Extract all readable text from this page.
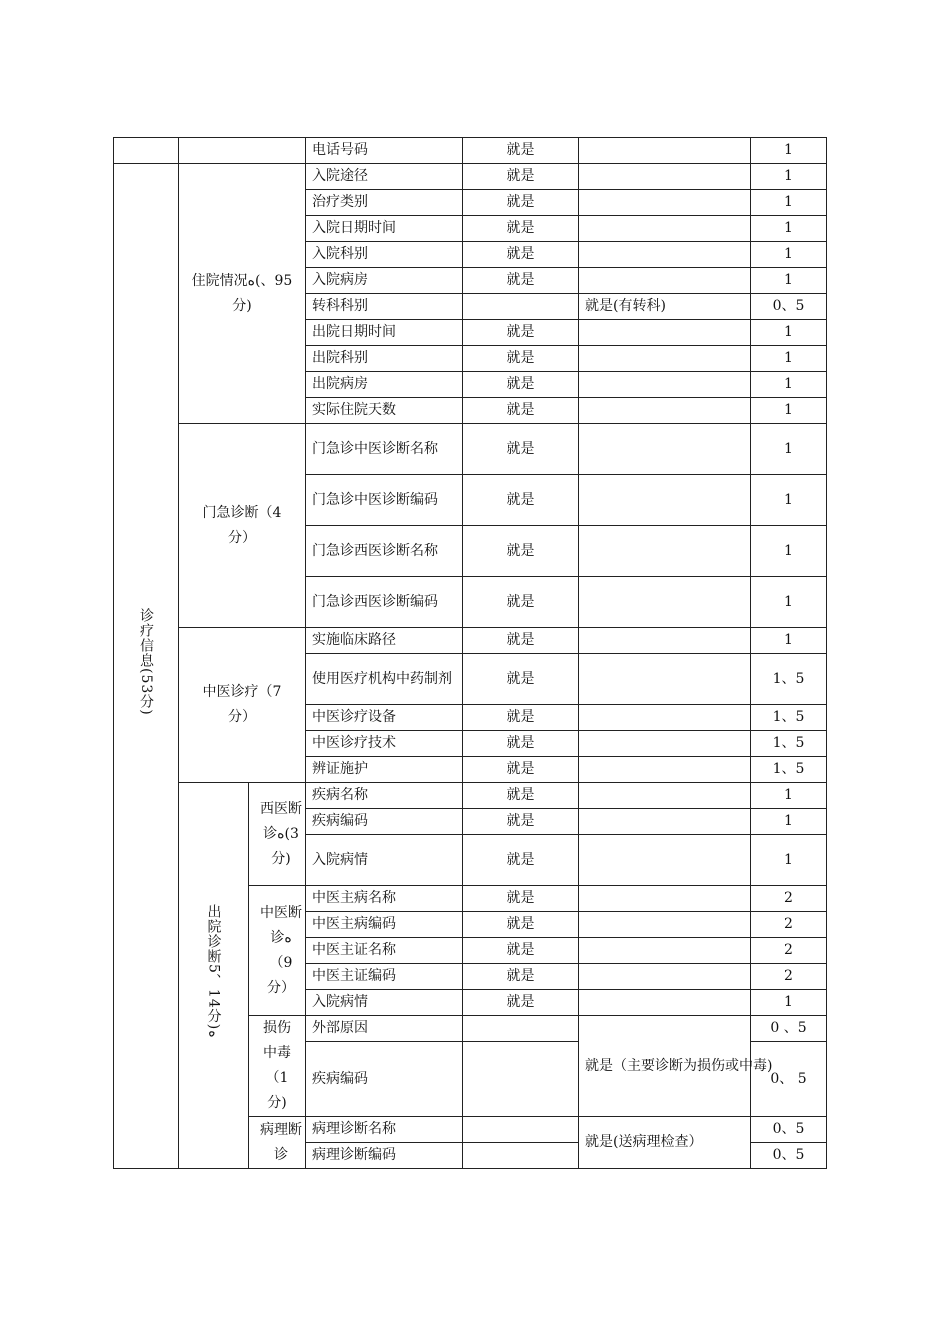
			电话号码	就是		1
诊疗信息(53分)	住院情况ﻩ(、95分)		入院途径	就是		1
			治疗类别	就是		1
			入院日期时间	就是		1
			入院科别	就是		1
			入院病房	就是		1
			转科科别		就是(有转科)	0、5
			出院日期时间	就是		1
			出院科别	就是		1
			出院病房	就是		1
			实际住院天数	就是		1
	门急诊断（4分）		门急诊中医诊断名称	就是		1
			门急诊中医诊断编码	就是		1
			门急诊西医诊断名称	就是		1
			门急诊西医诊断编码	就是		1
	中医诊疗（7分）		实施临床路径	就是		1
			使用医疗机构中药制剂	就是		1、5
			中医诊疗设备	就是		1、5
			中医诊疗技术	就是		1、5
			辨证施护	就是		1、5
	出院诊断5、14分)ﻩ	西医断诊ﻩ(3分)	疾病名称	就是		1
			疾病编码	就是		1
			入院病情	就是		1
		中医断诊ﻩ（9分）	中医主病名称	就是		2
			中医主病编码	就是		2
			中医主证名称	就是		2
			中医主证编码	就是		2
			入院病情	就是		1
		损伤中毒（1分)	外部原因		就是（主要诊断为损伤或中毒)	0 、5
			疾病编码			0、 5
		病理断诊	病理诊断名称		就是(送病理检查）	0、5
			病理诊断编码			0、5
